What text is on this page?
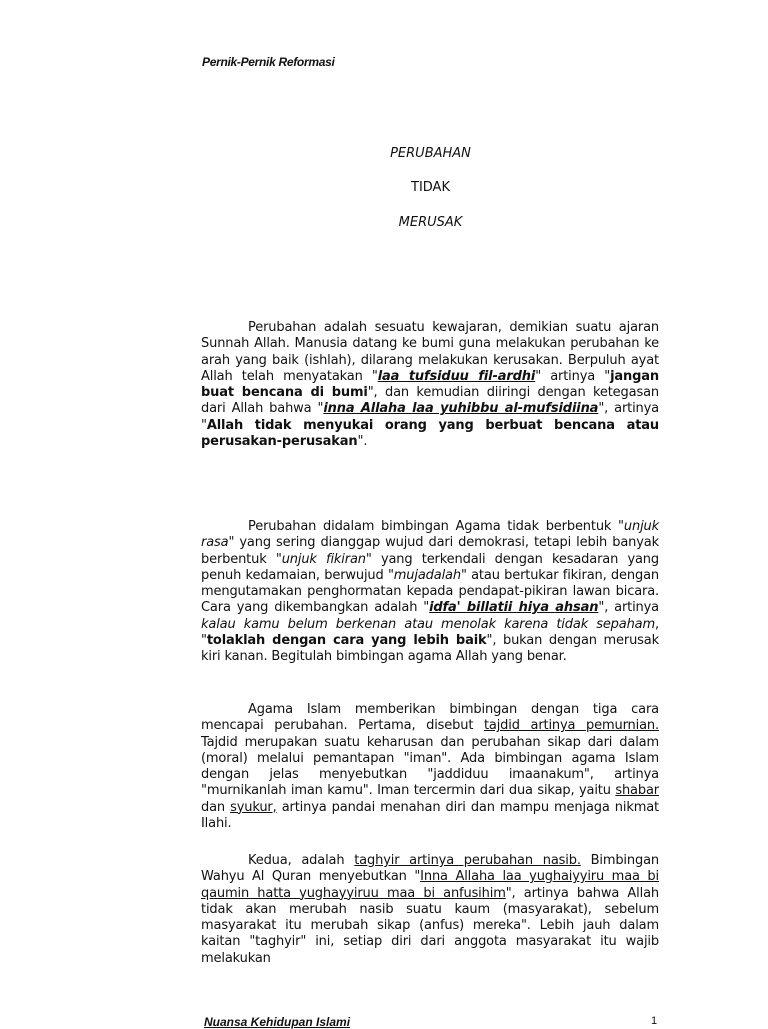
Pernik-Pernik Reformasi
PERUBAHAN
TIDAK
MERUSAK
Perubahan adalah sesuatu kewajaran, demikian suatu ajaran Sunnah Allah. Manusia datang ke bumi guna melakukan perubahan ke arah yang baik (ishlah), dilarang melakukan kerusakan. Berpuluh ayat Allah telah menyatakan "laa tufsiduu fil-ardhi" artinya "jangan buat bencana di bumi", dan kemudian diiringi dengan ketegasan dari Allah bahwa "inna Allaha laa yuhibbu al-mufsidiina", artinya "Allah tidak menyukai orang yang berbuat bencana atau perusakan-perusakan".
Perubahan didalam bimbingan Agama tidak berbentuk "unjuk rasa" yang sering dianggap wujud dari demokrasi, tetapi lebih banyak berbentuk "unjuk fikiran" yang terkendali dengan kesadaran yang penuh kedamaian, berwujud "mujadalah" atau bertukar fikiran, dengan mengutamakan penghormatan kepada pendapat-pikiran lawan bicara. Cara yang dikembangkan adalah "idfa' billatii hiya ahsan", artinya kalau kamu belum berkenan atau menolak karena tidak sepaham, "tolaklah dengan cara yang lebih baik", bukan dengan merusak kiri kanan. Begitulah bimbingan agama Allah yang benar.
Agama Islam memberikan bimbingan dengan tiga cara mencapai perubahan. Pertama, disebut tajdid artinya pemurnian. Tajdid merupakan suatu keharusan dan perubahan sikap dari dalam (moral) melalui pemantapan "iman". Ada bimbingan agama Islam dengan jelas menyebutkan "jaddiduu imaanakum", artinya "murnikanlah iman kamu". Iman tercermin dari dua sikap, yaitu shabar dan syukur, artinya pandai menahan diri dan mampu menjaga nikmat Ilahi.
Kedua, adalah taghyir artinya perubahan nasib. Bimbingan Wahyu Al Quran menyebutkan "Inna Allaha laa yughaiyyiru maa bi qaumin hatta yughayyiruu maa bi anfusihim", artinya bahwa Allah tidak akan merubah nasib suatu kaum (masyarakat), sebelum masyarakat itu merubah sikap (anfus) mereka". Lebih jauh dalam kaitan "taghyir" ini, setiap diri dari anggota masyarakat itu wajib melakukan
Nuansa Kehidupan Islami	1
